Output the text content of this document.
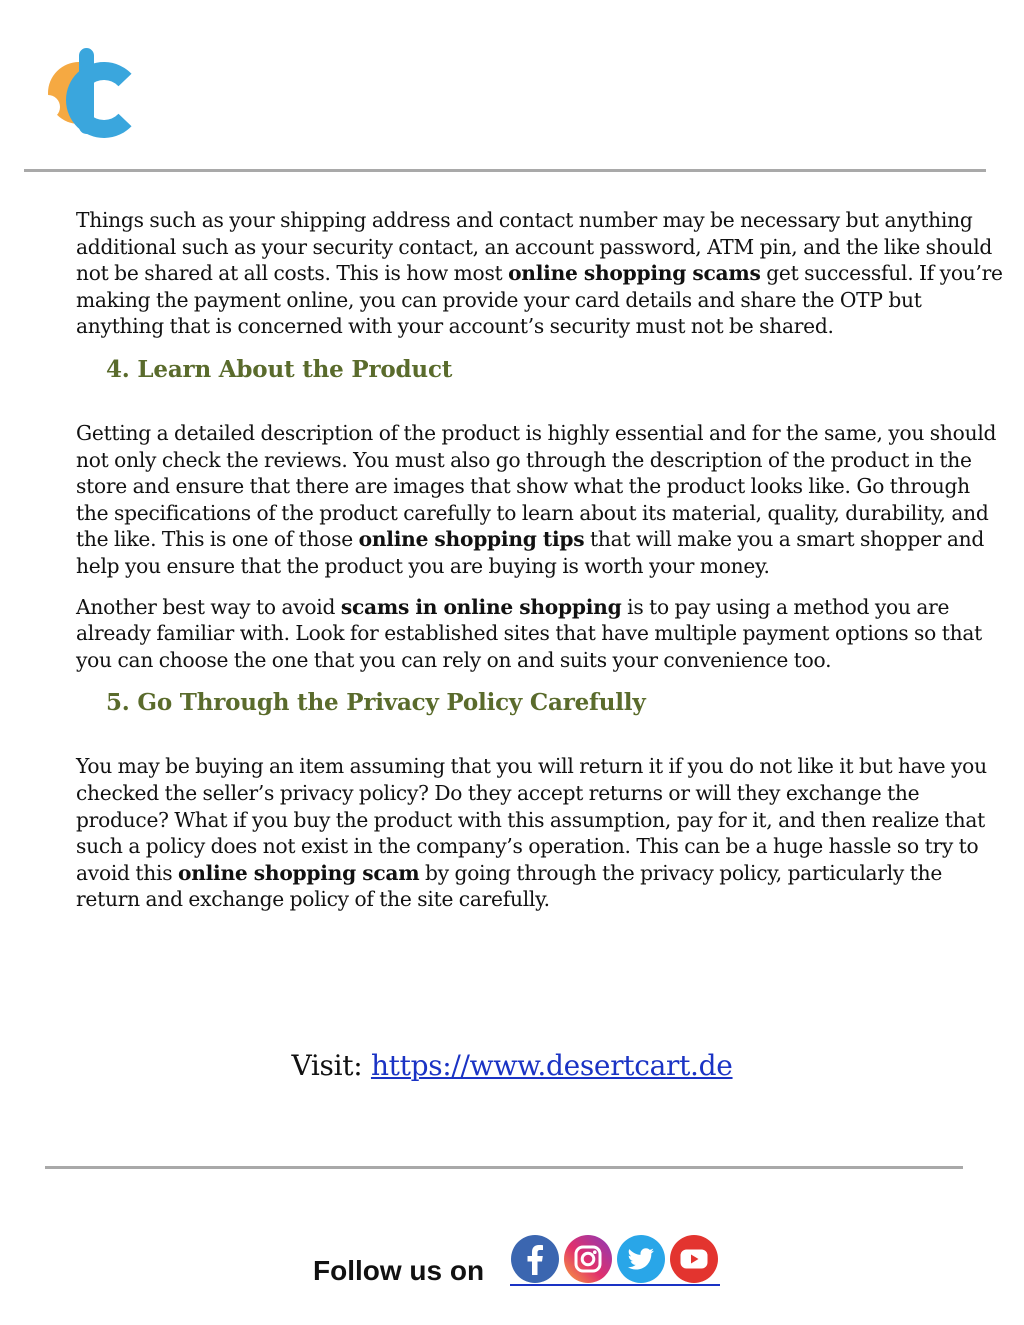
Things such as your shipping address and contact number may be necessary but anything additional such as your security contact, an account password, ATM pin, and the like should not be shared at all costs. This is how most online shopping scams get successful. If you’re making the payment online, you can provide your card details and share the OTP but anything that is concerned with your account’s security must not be shared.

4. Learn About the Product

Getting a detailed description of the product is highly essential and for the same, you should not only check the reviews. You must also go through the description of the product in the store and ensure that there are images that show what the product looks like. Go through the specifications of the product carefully to learn about its material, quality, durability, and the like. This is one of those online shopping tips that will make you a smart shopper and help you ensure that the product you are buying is worth your money.

Another best way to avoid scams in online shopping is to pay using a method you are already familiar with. Look for established sites that have multiple payment options so that you can choose the one that you can rely on and suits your convenience too.

5. Go Through the Privacy Policy Carefully

You may be buying an item assuming that you will return it if you do not like it but have you checked the seller’s privacy policy? Do they accept returns or will they exchange the produce? What if you buy the product with this assumption, pay for it, and then realize that such a policy does not exist in the company’s operation. This can be a huge hassle so try to avoid this online shopping scam by going through the privacy policy, particularly the return and exchange policy of the site carefully.

Visit: https://www.desertcart.de
Follow us on
